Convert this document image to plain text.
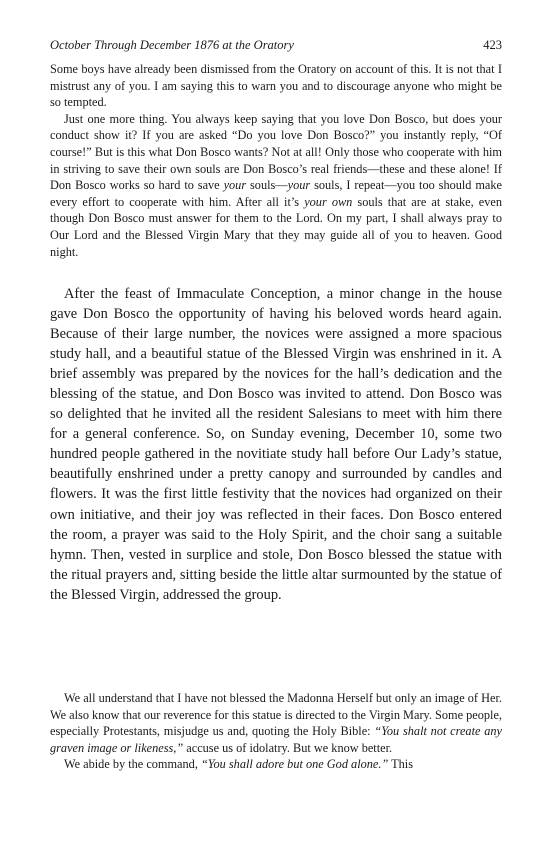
October Through December 1876 at the Oratory	423

Some boys have already been dismissed from the Oratory on account of this. It is not that I mistrust any of you. I am saying this to warn you and to discourage anyone who might be so tempted.

Just one more thing. You always keep saying that you love Don Bosco, but does your conduct show it? If you are asked “Do you love Don Bosco?” you instantly reply, “Of course!” But is this what Don Bosco wants? Not at all! Only those who cooperate with him in striving to save their own souls are Don Bosco’s real friends—these and these alone! If Don Bosco works so hard to save your souls—your souls, I repeat—you too should make every effort to cooperate with him. After all it’s your own souls that are at stake, even though Don Bosco must answer for them to the Lord. On my part, I shall always pray to Our Lord and the Blessed Virgin Mary that they may guide all of you to heaven. Good night.

After the feast of Immaculate Conception, a minor change in the house gave Don Bosco the opportunity of having his beloved words heard again. Because of their large number, the novices were assigned a more spacious study hall, and a beautiful statue of the Blessed Virgin was enshrined in it. A brief assembly was prepared by the novices for the hall’s dedication and the blessing of the statue, and Don Bosco was invited to attend. Don Bosco was so delighted that he invited all the resident Salesians to meet with him there for a general conference. So, on Sunday evening, December 10, some two hundred people gathered in the novitiate study hall before Our Lady’s statue, beautifully enshrined under a pretty canopy and surrounded by candles and flowers. It was the first little festivity that the novices had organized on their own initiative, and their joy was reflected in their faces. Don Bosco entered the room, a prayer was said to the Holy Spirit, and the choir sang a suitable hymn. Then, vested in surplice and stole, Don Bosco blessed the statue with the ritual prayers and, sitting beside the little altar surmounted by the statue of the Blessed Virgin, addressed the group.

We all understand that I have not blessed the Madonna Herself but only an image of Her. We also know that our reverence for this statue is directed to the Virgin Mary. Some people, especially Protestants, misjudge us and, quoting the Holy Bible: “You shalt not create any graven image or likeness,” accuse us of idolatry. But we know better.

We abide by the command, “You shall adore but one God alone.” This
